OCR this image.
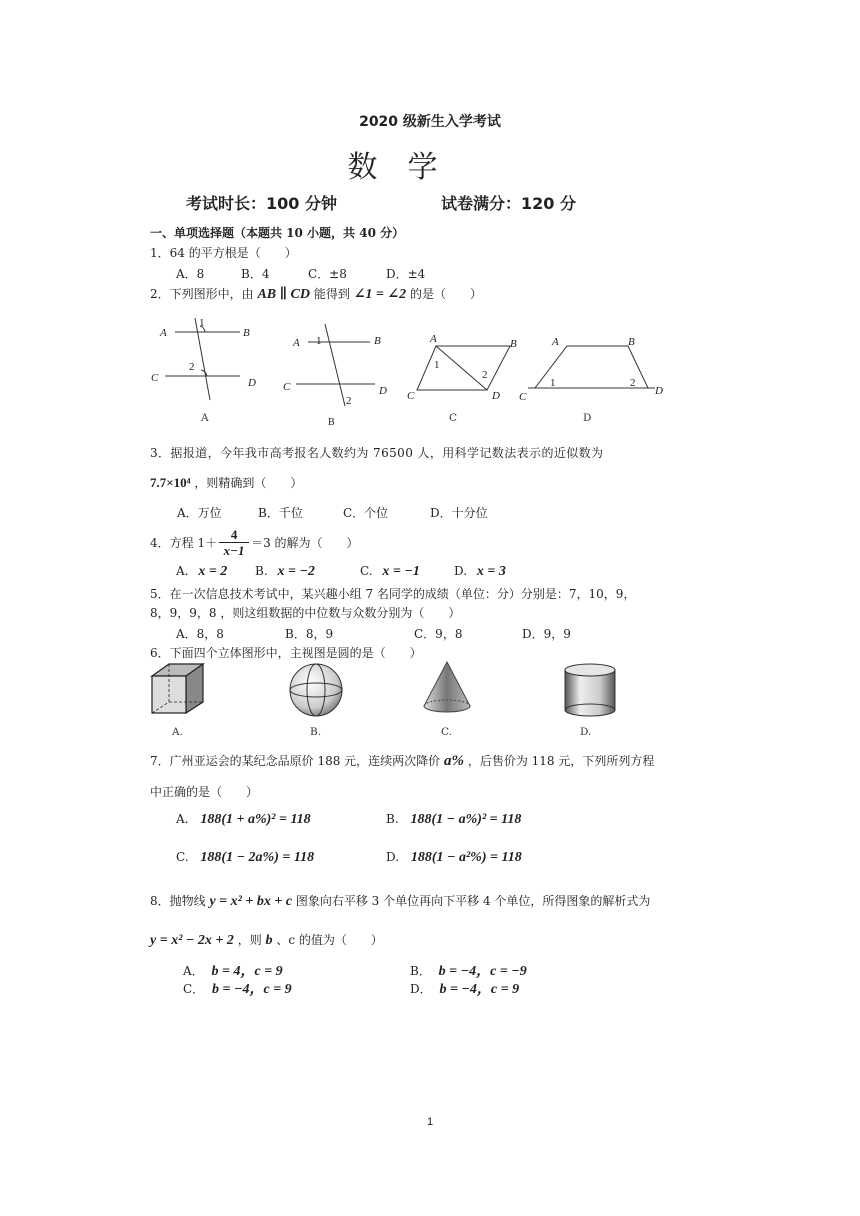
2020 级新生入学考试
数　学
考试时长：100 分钟	试卷满分：120 分
一、单项选择题（本题共 10 小题，共 40 分）
1．64 的平方根是（　　）
A．8	B．4	C．±8	D．±4
2．下列图形中，由 AB ∥ CD 能得到 ∠1 = ∠2 的是（　　）
A	B
C	D
1
2
A	B
C	D
1
2
B
A	B
C	D
1
2
A	B
C	D
1	2
A	C	D
3．据报道，今年我市高考报名人数约为 76500 人，用科学记数法表示的近似数为
7.7×10⁴ ，则精确到（　　）
A．万位	B．千位	C．个位	D．十分位
4．方程 1＋
4
x−1 ＝3 的解为（　　）
A. x = 2 B. x = −2	C. x = −1	D. x = 3
5．在一次信息技术考试中，某兴趣小组 7 名同学的成绩（单位：分）分别是：7，10，9，
8，9，9，8 ，则这组数据的中位数与众数分别为（　　）
A．8，8	B．8，9	C．9，8	D．9，9
6．下面四个立体图形中，主视图是圆的是（　　）
A.	B.	C.	D.
7．广州亚运会的某纪念品原价 188 元，连续两次降价 a% ，后售价为 118 元，下列所列方程
中正确的是（　　）
A. 188(1 + a%)² = 118	B. 188(1 − a%)² = 118
C. 188(1 − 2a%) = 118	D. 188(1 − a²%) = 118
8．抛物线 y = x² + bx + c 图象向右平移 3 个单位再向下平移 4 个单位，所得图象的解析式为
y = x² − 2x + 2 ，则 b 、c 的值为（　　）
A． b = 4，c = 9	B． b = −4，c = −9
C． b = −4，c = 9	D． b = −4，c = 9
1
